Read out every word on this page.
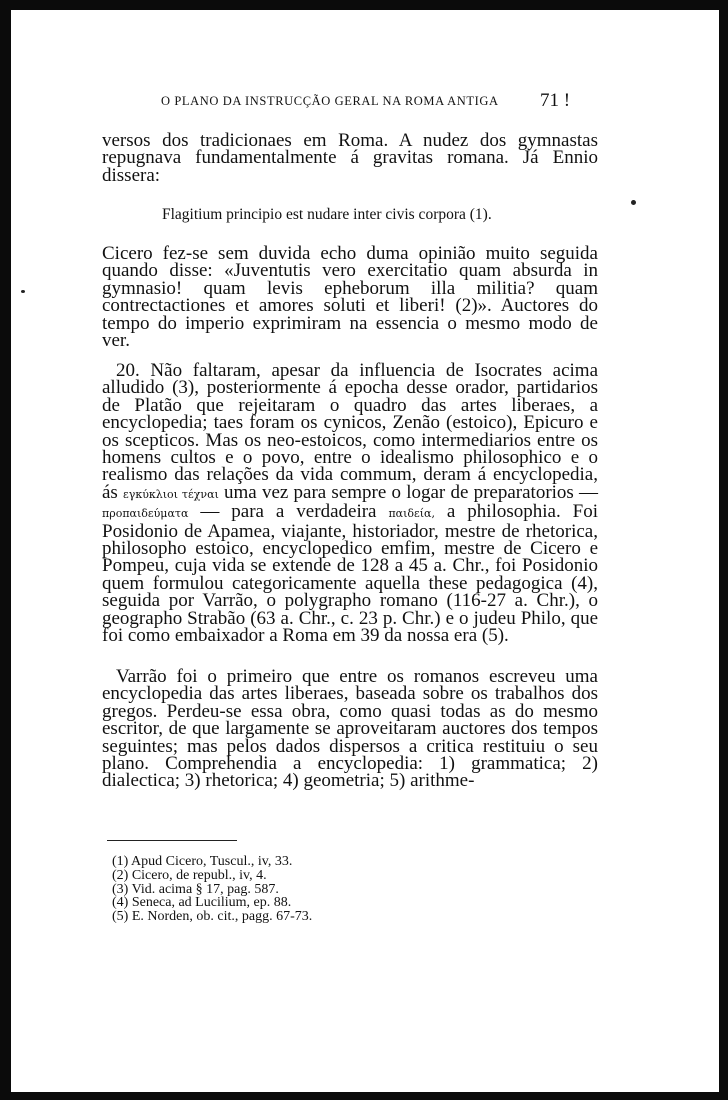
O PLANO DA INSTRUCÇÃO GERAL NA ROMA ANTIGA 71 !

versos dos tradicionaes em Roma. A nudez dos gymnastas repugnava fundamentalmente á gravitas romana. Já Ennio dissera:

Flagitium principio est nudare inter civis corpora (1).

Cicero fez-se sem duvida echo duma opinião muito seguida quando disse: «Juventutis vero exercitatio quam absurda in gymnasio! quam levis epheborum illa militia? quam contrectactiones et amores soluti et liberi! (2)». Auctores do tempo do imperio exprimiram na essencia o mesmo modo de ver.

20. Não faltaram, apesar da influencia de Isocrates acima alludido (3), posteriormente á epocha desse orador, partidarios de Platão que rejeitaram o quadro das artes liberaes, a encyclopedia; taes foram os cynicos, Zenão (estoico), Epicuro e os scepticos. Mas os neo-estoicos, como intermediarios entre os homens cultos e o povo, entre o idealismo philosophico e o realismo das relações da vida commum, deram á encyclopedia, ás εγκύκλιοι τέχναι uma vez para sempre o logar de preparatorios — προπαιδεύματα — para a verdadeira παιδεία, a philosophia. Foi Posidonio de Apamea, viajante, historiador, mestre de rhetorica, philosopho estoico, encyclopedico emfim, mestre de Cicero e Pompeu, cuja vida se extende de 128 a 45 a. Chr., foi Posidonio quem formulou categoricamente aquella these pedagogica (4), seguida por Varrão, o polygrapho romano (116-27 a. Chr.), o geographo Strabão (63 a. Chr., c. 23 p. Chr.) e o judeu Philo, que foi como embaixador a Roma em 39 da nossa era (5).

Varrão foi o primeiro que entre os romanos escreveu uma encyclopedia das artes liberaes, baseada sobre os trabalhos dos gregos. Perdeu-se essa obra, como quasi todas as do mesmo escritor, de que largamente se aproveitaram auctores dos tempos seguintes; mas pelos dados dispersos a critica restituiu o seu plano. Comprehendia a encyclopedia: 1) grammatica; 2) dialectica; 3) rhetorica; 4) geometria; 5) arithme-

(1) Apud Cicero, Tuscul., iv, 33.
(2) Cicero, de republ., iv, 4.
(3) Vid. acima § 17, pag. 587.
(4) Seneca, ad Lucilium, ep. 88.
(5) E. Norden, ob. cit., pagg. 67-73.
